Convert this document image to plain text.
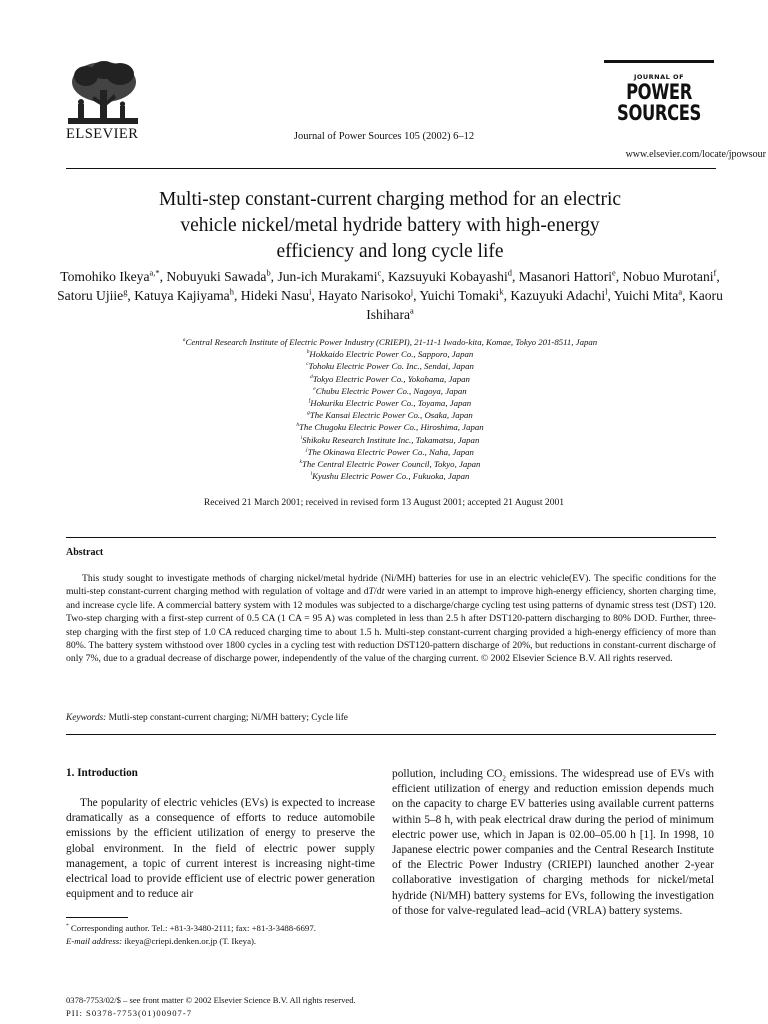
ELSEVIER	Journal of Power Sources 105 (2002) 6–12
www.elsevier.com/locate/jpowsour
JOURNAL OF
POWER
SOURCES
Multi-step constant-current charging method for an electric
vehicle nickel/metal hydride battery with high-energy
efficiency and long cycle life
Tomohiko Ikeya$^{a,*}$, Nobuyuki Sawada$^b$, Jun-ich Murakami$^c$, Kazsuyuki Kobayashi$^d$, Masanori Hattori$^e$, Nobuo Murotani$^f$, Satoru Ujiie$^g$, Katuya Kajiyama$^h$, Hideki Nasu$^i$, Hayato Narisoko$^j$, Yuichi Tomaki$^k$, Kazuyuki Adachi$^l$, Yuichi Mita$^a$, Kaoru Ishihara$^a$
$^a$Central Research Institute of Electric Power Industry (CRIEPI), 21-11-1 Iwado-kita, Komae, Tokyo 201-8511, Japan
$^b$Hokkaido Electric Power Co., Sapporo, Japan
$^c$Tohoku Electric Power Co. Inc., Sendai, Japan
$^d$Tokyo Electric Power Co., Yokohama, Japan
$^e$Chubu Electric Power Co., Nagoya, Japan
$^f$Hokuriku Electric Power Co., Toyama, Japan
$^g$The Kansai Electric Power Co., Osaka, Japan
$^h$The Chugoku Electric Power Co., Hiroshima, Japan
$^i$Shikoku Research Institute Inc., Takamatsu, Japan
$^j$The Okinawa Electric Power Co., Naha, Japan
$^k$The Central Electric Power Council, Tokyo, Japan
$^l$Kyushu Electric Power Co., Fukuoka, Japan
Received 21 March 2001; received in revised form 13 August 2001; accepted 21 August 2001
Abstract
This study sought to investigate methods of charging nickel/metal hydride (Ni/MH) batteries for use in an electric vehicle(EV). The specific conditions for the multi-step constant-current charging method with regulation of voltage and dT/dt were varied in an attempt to improve high-energy efficiency, shorten charging time, and increase cycle life. A commercial battery system with 12 modules was subjected to a discharge/charge cycling test using patterns of dynamic stress test (DST) 120. Two-step charging with a first-step current of 0.5 CA (1 CA = 95 A) was completed in less than 2.5 h after DST120-pattern discharging to 80% DOD. Further, three-step charging with the first step of 1.0 CA reduced charging time to about 1.5 h. Multi-step constant-current charging provided a high-energy efficiency of more than 80%. The battery system withstood over 1800 cycles in a cycling test with reduction DST120-pattern discharge of 20%, but reductions in constant-current discharge of only 7%, due to a gradual decrease of discharge power, independently of the value of the charging current. © 2002 Elsevier Science B.V. All rights reserved.
Keywords: Mutli-step constant-current charging; Ni/MH battery; Cycle life
1. Introduction
The popularity of electric vehicles (EVs) is expected to increase dramatically as a consequence of efforts to reduce automobile emissions by the efficient utilization of energy to preserve the global environment. In the field of electric power supply management, a topic of current interest is increasing night-time electrical load to provide efficient use of electric power generation equipment and to reduce air
pollution, including $CO_2$ emissions. The widespread use of EVs with efficient utilization of energy and reduction emission depends much on the capacity to charge EV batteries using available current patterns within 5–8 h, with peak electrical draw during the period of minimum electric power use, which in Japan is 02.00–05.00 h [1]. In 1998, 10 Japanese electric power companies and the Central Research Institute of the Electric Power Industry (CRIEPI) launched another 2-year collaborative investigation of charging methods for nickel/metal hydride (Ni/MH) battery systems for EVs, following the investigation of those for valve-regulated lead–acid (VRLA) battery systems.
* Corresponding author. Tel.: +81-3-3480-2111; fax: +81-3-3488-6697.
E-mail address: ikeya@criepi.denken.or.jp (T. Ikeya).
0378-7753/02/$ – see front matter © 2002 Elsevier Science B.V. All rights reserved.
PII: S0378-7753(01)00907-7
